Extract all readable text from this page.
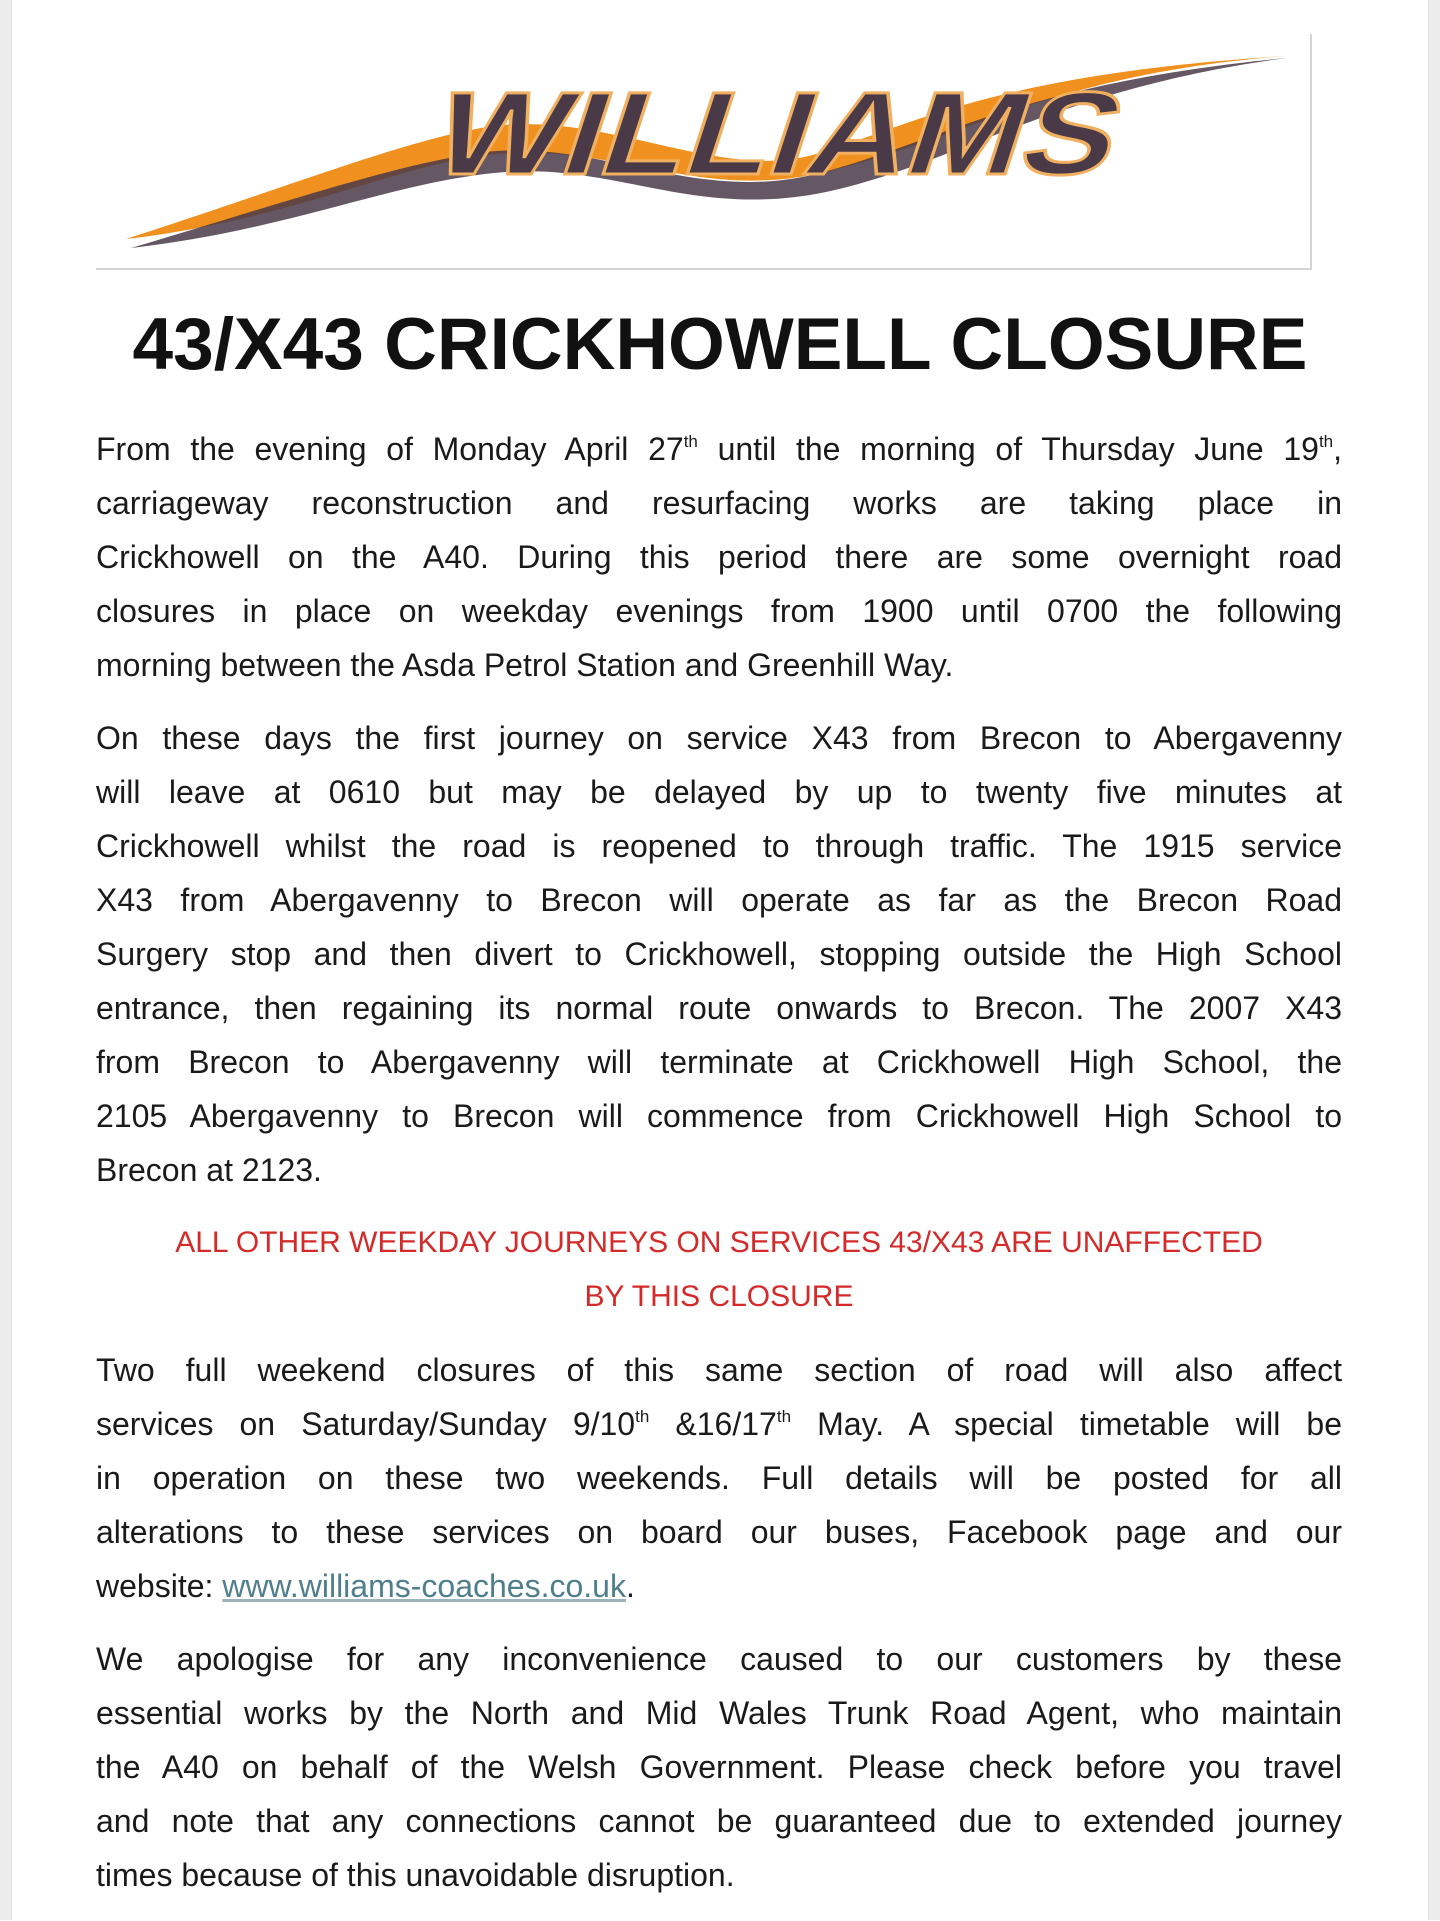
WILLIAMS
43/X43 CRICKHOWELL CLOSURE
From the evening of Monday April 27th until the morning of Thursday June 19th,
carriageway reconstruction and resurfacing works are taking place in
Crickhowell on the A40. During this period there are some overnight road
closures in place on weekday evenings from 1900 until 0700 the following
morning between the Asda Petrol Station and Greenhill Way.
On these days the first journey on service X43 from Brecon to Abergavenny
will leave at 0610 but may be delayed by up to twenty five minutes at
Crickhowell whilst the road is reopened to through traffic. The 1915 service
X43 from Abergavenny to Brecon will operate as far as the Brecon Road
Surgery stop and then divert to Crickhowell, stopping outside the High School
entrance, then regaining its normal route onwards to Brecon. The 2007 X43
from Brecon to Abergavenny will terminate at Crickhowell High School, the
2105 Abergavenny to Brecon will commence from Crickhowell High School to
Brecon at 2123.
ALL OTHER WEEKDAY JOURNEYS ON SERVICES 43/X43 ARE UNAFFECTED
BY THIS CLOSURE
Two full weekend closures of this same section of road will also affect
services on Saturday/Sunday 9/10th &16/17th May. A special timetable will be
in operation on these two weekends. Full details will be posted for all
alterations to these services on board our buses, Facebook page and our
website: www.williams-coaches.co.uk.
We apologise for any inconvenience caused to our customers by these
essential works by the North and Mid Wales Trunk Road Agent, who maintain
the A40 on behalf of the Welsh Government. Please check before you travel
and note that any connections cannot be guaranteed due to extended journey
times because of this unavoidable disruption.
